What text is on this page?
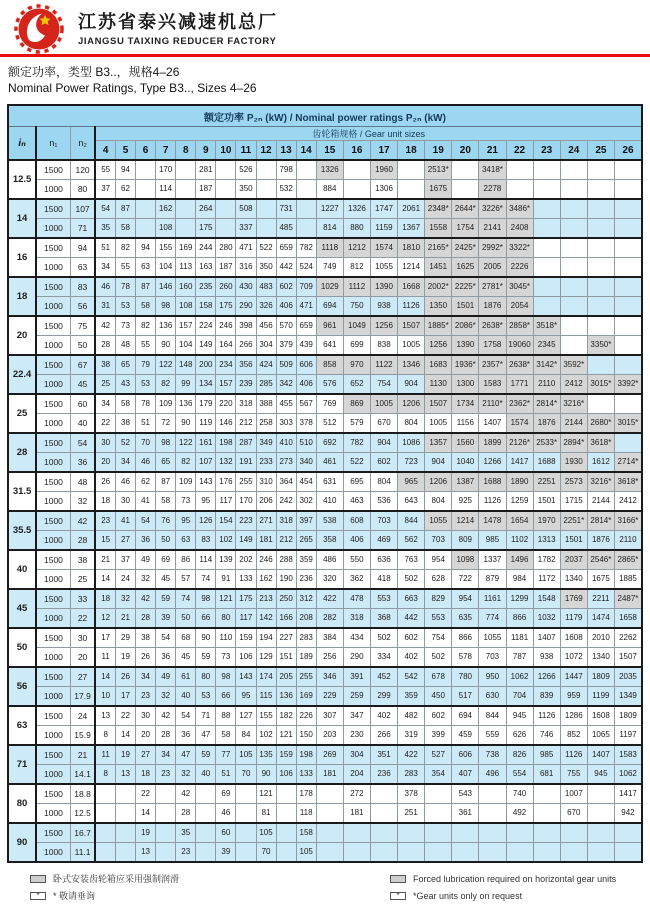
江苏省泰兴减速机总厂
JIANGSU TAIXING REDUCER FACTORY
额定功率，类型 B3..，规格4–26
Nominal Power Ratings, Type B3.., Sizes 4–26
额定功率 P₂ₙ (kW) / Nominal power ratings P₂ₙ (kW)																									
iₙ	n₁	n₂	齿轮箱规格 / Gear unit sizes																						
			4	5	6	7	8	9	10	11	12	13	14	15	16	17	18	19	20	21	22	23	24	25	26
12.5	1500	120	55	94		170		281		526		798		1326		1960		2513*		3418*					
	1000	80	37	62		114		187		350		532		884		1306		1675		2278					
14	1500	107	54	87		162		264		508		731		1227	1326	1747	2061	2348*	2644*	3226*	3486*				
	1000	71	35	58		108		175		337		485		814	880	1159	1367	1558	1754	2141	2408				
16	1500	94	51	82	94	155	169	244	280	471	522	659	782	1118	1212	1574	1810	2165*	2425*	2992*	3322*				
	1000	63	34	55	63	104	113	163	187	316	350	442	524	749	812	1055	1214	1451	1625	2005	2226				
18	1500	83	46	78	87	146	160	235	260	430	483	602	709	1029	1112	1390	1668	2002*	2225*	2781*	3045*				
	1000	56	31	53	58	98	108	158	175	290	326	406	471	694	750	938	1126	1350	1501	1876	2054				
20	1500	75	42	73	82	136	157	224	246	398	456	570	659	961	1049	1256	1507	1885*	2086*	2638*	2858*	3518*			
	1000	50	28	48	55	90	104	149	164	266	304	379	439	641	699	838	1005	1256	1390	1758	19060	2345		3350*	
22.4	1500	67	38	65	79	122	148	200	234	356	424	509	606	858	970	1122	1346	1683	1936*	2357*	2638*	3142*	3592*		
	1000	45	25	43	53	82	99	134	157	239	285	342	406	576	652	754	904	1130	1300	1583	1771	2110	2412	3015*	3392*
25	1500	60	34	58	78	109	136	179	220	318	388	455	567	769	869	1005	1206	1507	1734	2110*	2362*	2814*	3216*		
	1000	40	22	38	51	72	90	119	146	212	258	303	378	512	579	670	804	1005	1156	1407	1574	1876	2144	2680*	3015*
28	1500	54	30	52	70	98	122	161	198	287	349	410	510	692	782	904	1086	1357	1560	1899	2126*	2533*	2894*	3618*	
	1000	36	20	34	46	65	82	107	132	191	233	273	340	461	522	602	723	904	1040	1266	1417	1688	1930	1612	2714*
31.5	1500	48	26	46	62	87	109	143	176	255	310	364	454	631	695	804	965	1206	1387	1688	1890	2251	2573	3216*	3618*
	1000	32	18	30	41	58	73	95	117	170	206	242	302	410	463	536	643	804	925	1126	1259	1501	1715	2144	2412
35.5	1500	42	23	41	54	76	95	126	154	223	271	318	397	538	608	703	844	1055	1214	1478	1654	1970	2251*	2814*	3166*
	1000	28	15	27	36	50	63	83	102	149	181	212	265	358	406	469	562	703	809	985	1102	1313	1501	1876	2110
40	1500	38	21	37	49	69	86	114	139	202	246	288	359	486	550	636	763	954	1098	1337	1496	1782	2037	2546*	2865*
	1000	25	14	24	32	45	57	74	91	133	162	190	236	320	362	418	502	628	722	879	984	1172	1340	1675	1885
45	1500	33	18	32	42	59	74	98	121	175	213	250	312	422	478	553	663	829	954	1161	1299	1548	1769	2211	2487*
	1000	22	12	21	28	39	50	66	80	117	142	166	208	282	318	368	442	553	635	774	866	1032	1179	1474	1658
50	1500	30	17	29	38	54	68	90	110	159	194	227	283	384	434	502	602	754	866	1055	1181	1407	1608	2010	2262
	1000	20	11	19	26	36	45	59	73	106	129	151	189	256	290	334	402	502	578	703	787	938	1072	1340	1507
56	1500	27	14	26	34	49	61	80	98	143	174	205	255	346	391	452	542	678	780	950	1062	1266	1447	1809	2035
	1000	17.9	10	17	23	32	40	53	66	95	115	136	169	229	259	299	359	450	517	630	704	839	959	1199	1349
63	1500	24	13	22	30	42	54	71	88	127	155	182	226	307	347	402	482	602	694	844	945	1126	1286	1608	1809
	1000	15.9	8	14	20	28	36	47	58	84	102	121	150	203	230	266	319	399	459	559	626	746	852	1065	1197
71	1500	21	11	19	27	34	47	59	77	105	135	159	198	269	304	351	422	527	606	738	826	985	1126	1407	1583
	1000	14.1	8	13	18	23	32	40	51	70	90	106	133	181	204	236	283	354	407	496	554	681	755	945	1062
80	1500	18.8			22		42		69		121		178		272		378		543		740		1007		1417
	1000	12.5			14		28		46		81		118		181		251		361		492		670		942
90	1500	16.7			19		35		60		105		158												
	1000	11.1			13		23		39		70		105												
卧式安装齿轮箱应采用强制润滑
*	* 敬请垂询
Forced lubrication required on horizontal gear units
*	*Gear units only on request
